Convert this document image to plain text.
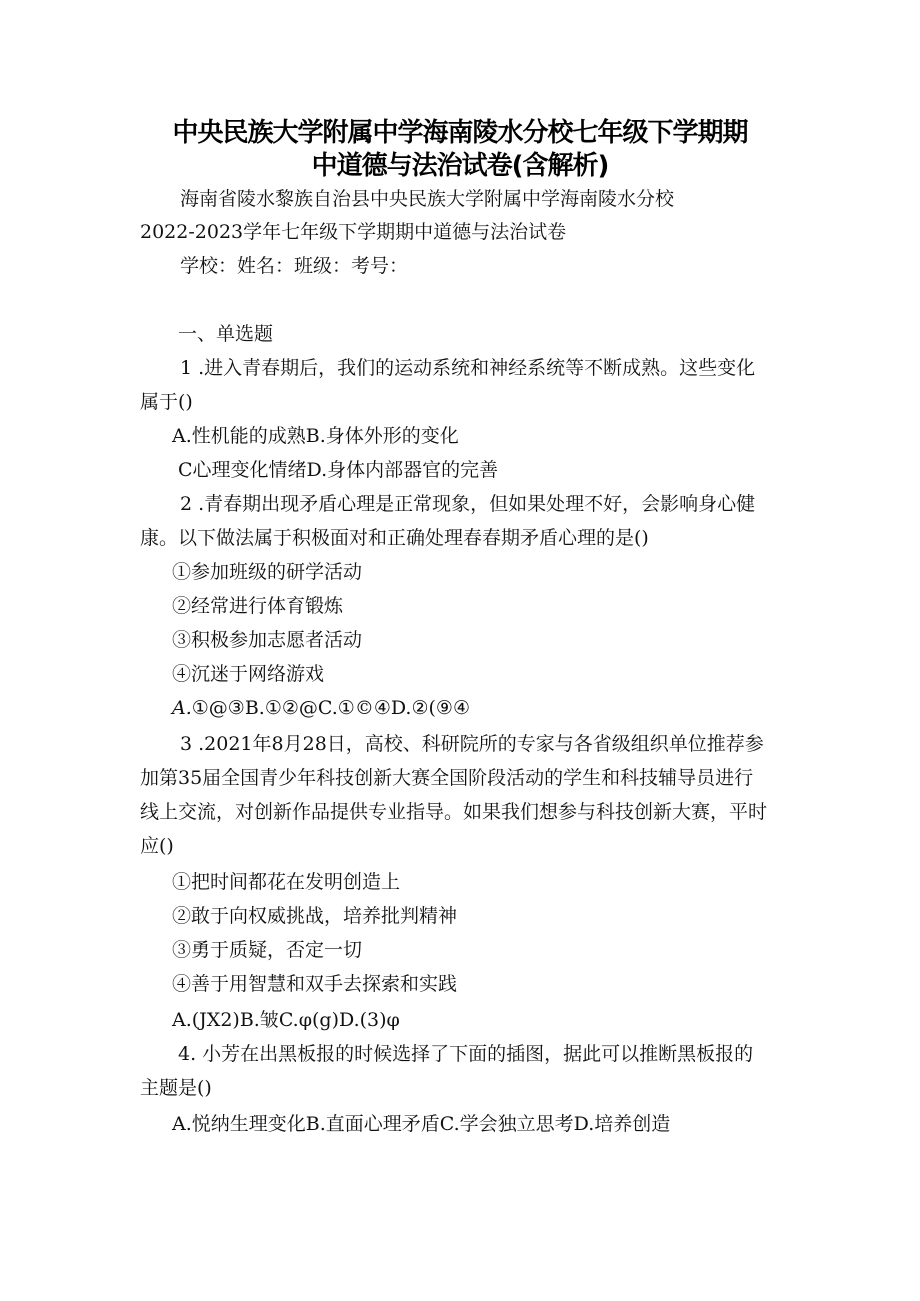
中央民族大学附属中学海南陵水分校七年级下学期期
中道德与法治试卷(含解析)
海南省陵水黎族自治县中央民族大学附属中学海南陵水分校
2022-2023学年七年级下学期期中道德与法治试卷
学校：姓名：班级：考号：
一、单选题
1 .进入青春期后，我们的运动系统和神经系统等不断成熟。这些变化
属于()
A.性机能的成熟B.身体外形的变化
C心理变化情绪D.身体内部器官的完善
2 .青春期出现矛盾心理是正常现象，但如果处理不好，会影响身心健
康。以下做法属于积极面对和正确处理春春期矛盾心理的是()
①参加班级的研学活动
②经常进行体育锻炼
③积极参加志愿者活动
④沉迷于网络游戏
A.①@③B.①②@C.①©④D.②(⑨④
3 .2021年8月28日，高校、科研院所的专家与各省级组织单位推荐参
加第35届全国青少年科技创新大赛全国阶段活动的学生和科技辅导员进行
线上交流，对创新作品提供专业指导。如果我们想参与科技创新大赛，平时
应()
①把时间都花在发明创造上
②敢于向权威挑战，培养批判精神
③勇于质疑，否定一切
④善于用智慧和双手去探索和实践
A.(JX2)B.皱C.φ(g)D.(3)φ
4. 小芳在出黑板报的时候选择了下面的插图，据此可以推断黑板报的
主题是()
A.悦纳生理变化B.直面心理矛盾C.学会独立思考D.培养创造
